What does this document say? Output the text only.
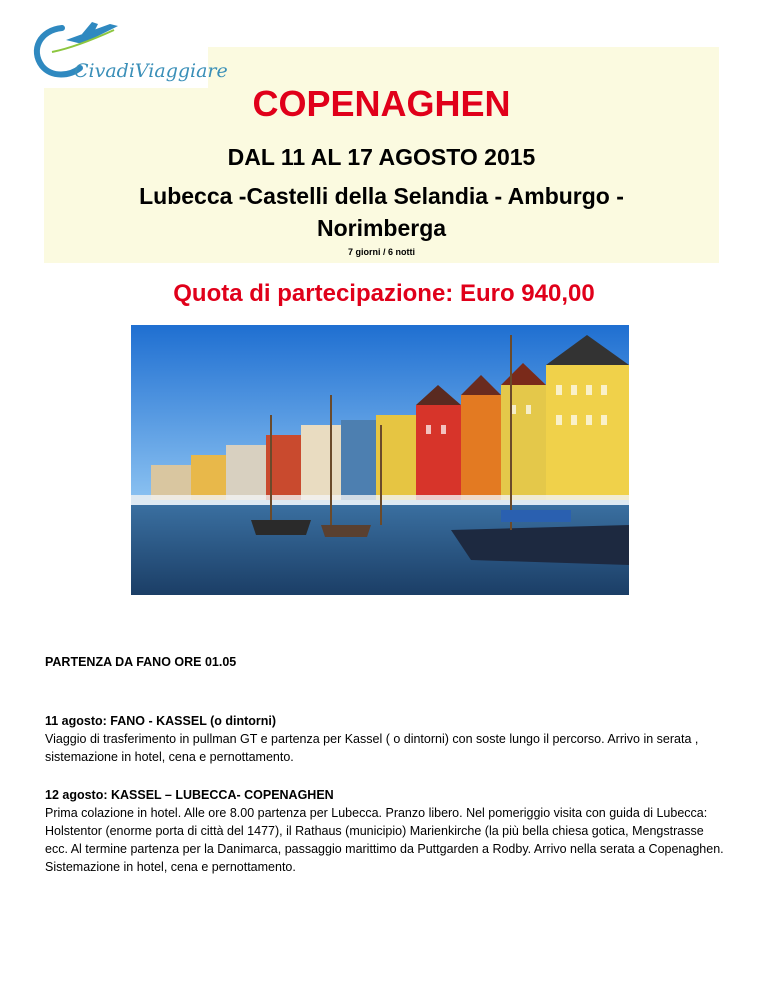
COPENAGHEN
DAL 11 AL 17 AGOSTO 2015
Lubecca -Castelli della Selandia - Amburgo - Norimberga
7 giorni / 6 notti
CivadiViaggiare
Quota di partecipazione: Euro 940,00
PARTENZA DA FANO ORE 01.05
11 agosto: FANO - KASSEL (o dintorni)
Viaggio di trasferimento in pullman GT e partenza per Kassel ( o dintorni) con soste lungo il percorso. Arrivo in serata , sistemazione in hotel, cena e pernottamento.
12 agosto: KASSEL – LUBECCA- COPENAGHEN
Prima colazione in hotel. Alle ore 8.00 partenza per Lubecca. Pranzo libero. Nel pomeriggio visita con guida di Lubecca: Holstentor (enorme porta di città del 1477), il Rathaus (municipio) Marienkirche (la più bella chiesa gotica, Mengstrasse ecc. Al termine partenza per la Danimarca, passaggio marittimo da Puttgarden a Rodby. Arrivo nella serata a Copenaghen. Sistemazione in hotel, cena e pernottamento.
